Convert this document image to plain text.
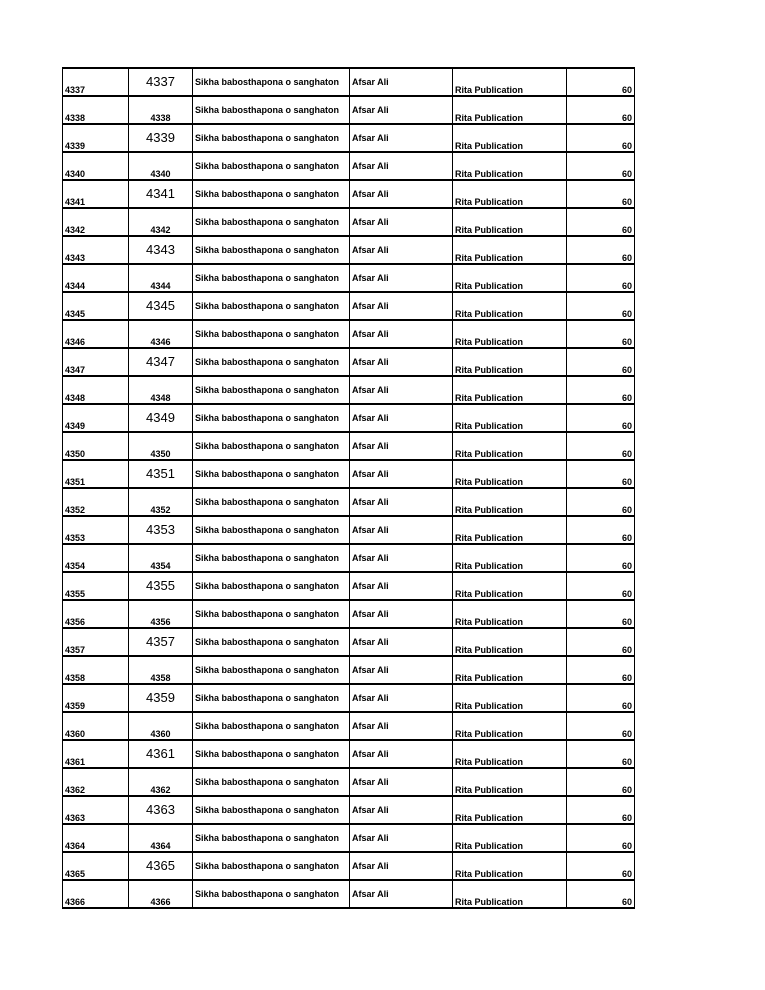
4337	4337	Sikha babosthapona o sanghaton	Afsar Ali	Rita Publication	60
4338	4338	Sikha babosthapona o sanghaton	Afsar Ali	Rita Publication	60
4339	4339	Sikha babosthapona o sanghaton	Afsar Ali	Rita Publication	60
4340	4340	Sikha babosthapona o sanghaton	Afsar Ali	Rita Publication	60
4341	4341	Sikha babosthapona o sanghaton	Afsar Ali	Rita Publication	60
4342	4342	Sikha babosthapona o sanghaton	Afsar Ali	Rita Publication	60
4343	4343	Sikha babosthapona o sanghaton	Afsar Ali	Rita Publication	60
4344	4344	Sikha babosthapona o sanghaton	Afsar Ali	Rita Publication	60
4345	4345	Sikha babosthapona o sanghaton	Afsar Ali	Rita Publication	60
4346	4346	Sikha babosthapona o sanghaton	Afsar Ali	Rita Publication	60
4347	4347	Sikha babosthapona o sanghaton	Afsar Ali	Rita Publication	60
4348	4348	Sikha babosthapona o sanghaton	Afsar Ali	Rita Publication	60
4349	4349	Sikha babosthapona o sanghaton	Afsar Ali	Rita Publication	60
4350	4350	Sikha babosthapona o sanghaton	Afsar Ali	Rita Publication	60
4351	4351	Sikha babosthapona o sanghaton	Afsar Ali	Rita Publication	60
4352	4352	Sikha babosthapona o sanghaton	Afsar Ali	Rita Publication	60
4353	4353	Sikha babosthapona o sanghaton	Afsar Ali	Rita Publication	60
4354	4354	Sikha babosthapona o sanghaton	Afsar Ali	Rita Publication	60
4355	4355	Sikha babosthapona o sanghaton	Afsar Ali	Rita Publication	60
4356	4356	Sikha babosthapona o sanghaton	Afsar Ali	Rita Publication	60
4357	4357	Sikha babosthapona o sanghaton	Afsar Ali	Rita Publication	60
4358	4358	Sikha babosthapona o sanghaton	Afsar Ali	Rita Publication	60
4359	4359	Sikha babosthapona o sanghaton	Afsar Ali	Rita Publication	60
4360	4360	Sikha babosthapona o sanghaton	Afsar Ali	Rita Publication	60
4361	4361	Sikha babosthapona o sanghaton	Afsar Ali	Rita Publication	60
4362	4362	Sikha babosthapona o sanghaton	Afsar Ali	Rita Publication	60
4363	4363	Sikha babosthapona o sanghaton	Afsar Ali	Rita Publication	60
4364	4364	Sikha babosthapona o sanghaton	Afsar Ali	Rita Publication	60
4365	4365	Sikha babosthapona o sanghaton	Afsar Ali	Rita Publication	60
4366	4366	Sikha babosthapona o sanghaton	Afsar Ali	Rita Publication	60
